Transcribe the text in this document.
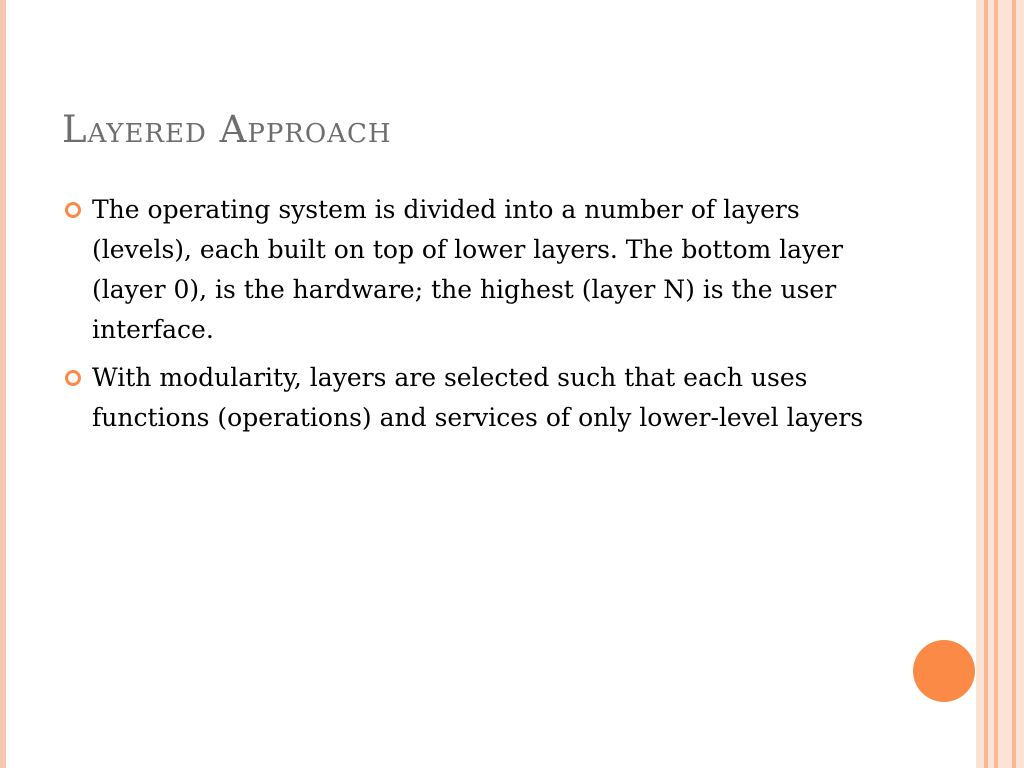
Layered Approach
The operating system is divided into a number of layers (levels), each built on top of lower layers. The bottom layer (layer 0), is the hardware; the highest (layer N) is the user interface.
With modularity, layers are selected such that each uses functions (operations) and services of only lower-level layers
